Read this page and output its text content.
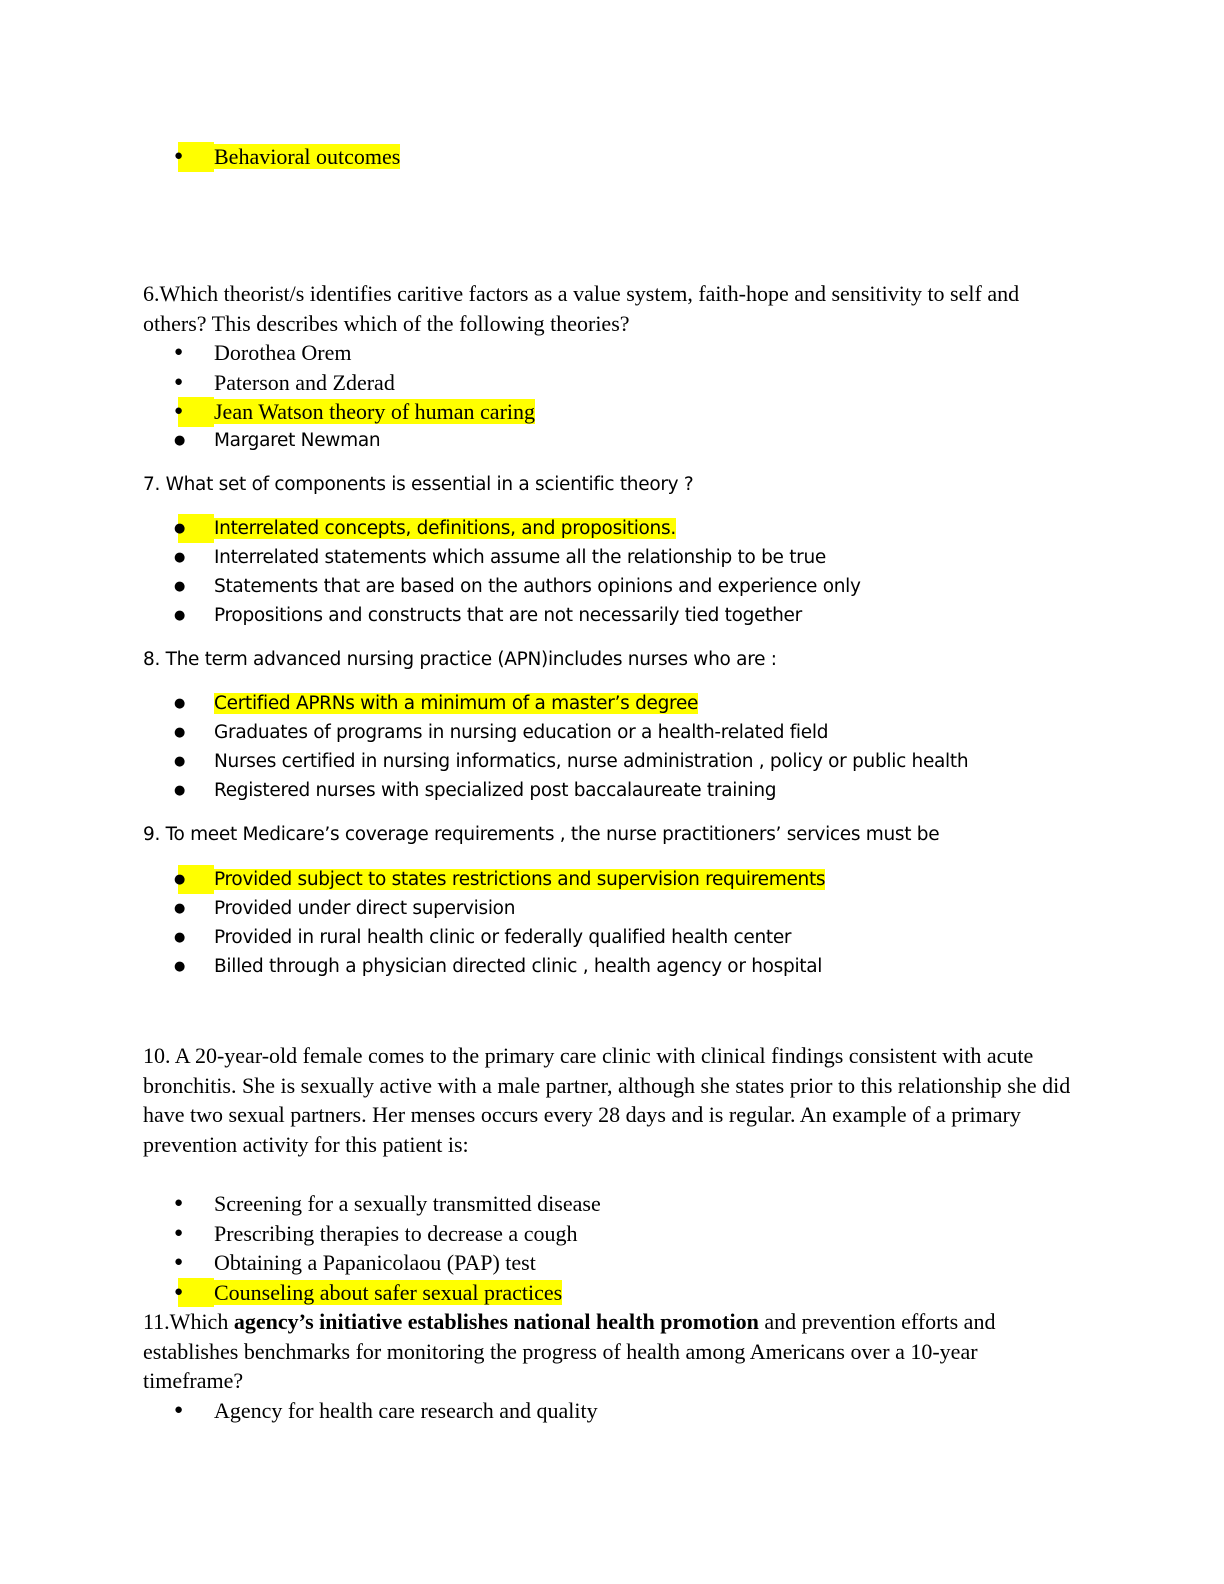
● Behavioral outcomes

6.Which theorist/s identifies caritive factors as a value system, faith-hope and sensitivity to self and others? This describes which of the following theories?

● Dorothea Orem
● Paterson and Zderad
● Jean Watson theory of human caring
● Margaret Newman

7. What set of components is essential in a scientific theory ?

● Interrelated concepts, definitions, and propositions.
● Interrelated statements which assume all the relationship to be true
● Statements that are based on the authors opinions and experience only
● Propositions and constructs that are not necessarily tied together

8. The term advanced nursing practice (APN)includes nurses who are :

● Certified APRNs with a minimum of a master’s degree
● Graduates of programs in nursing education or a health-related field
● Nurses certified in nursing informatics, nurse administration , policy or public health
● Registered nurses with specialized post baccalaureate training

9. To meet Medicare’s coverage requirements , the nurse practitioners’ services must be

● Provided subject to states restrictions and supervision requirements
● Provided under direct supervision
● Provided in rural health clinic or federally qualified health center
● Billed through a physician directed clinic , health agency or hospital

10. A 20-year-old female comes to the primary care clinic with clinical findings consistent with acute bronchitis. She is sexually active with a male partner, although she states prior to this relationship she did have two sexual partners. Her menses occurs every 28 days and is regular. An example of a primary prevention activity for this patient is:

● Screening for a sexually transmitted disease
● Prescribing therapies to decrease a cough
● Obtaining a Papanicolaou (PAP) test
● Counseling about safer sexual practices

11.Which agency’s initiative establishes national health promotion and prevention efforts and establishes benchmarks for monitoring the progress of health among Americans over a 10-year timeframe?

● Agency for health care research and quality
